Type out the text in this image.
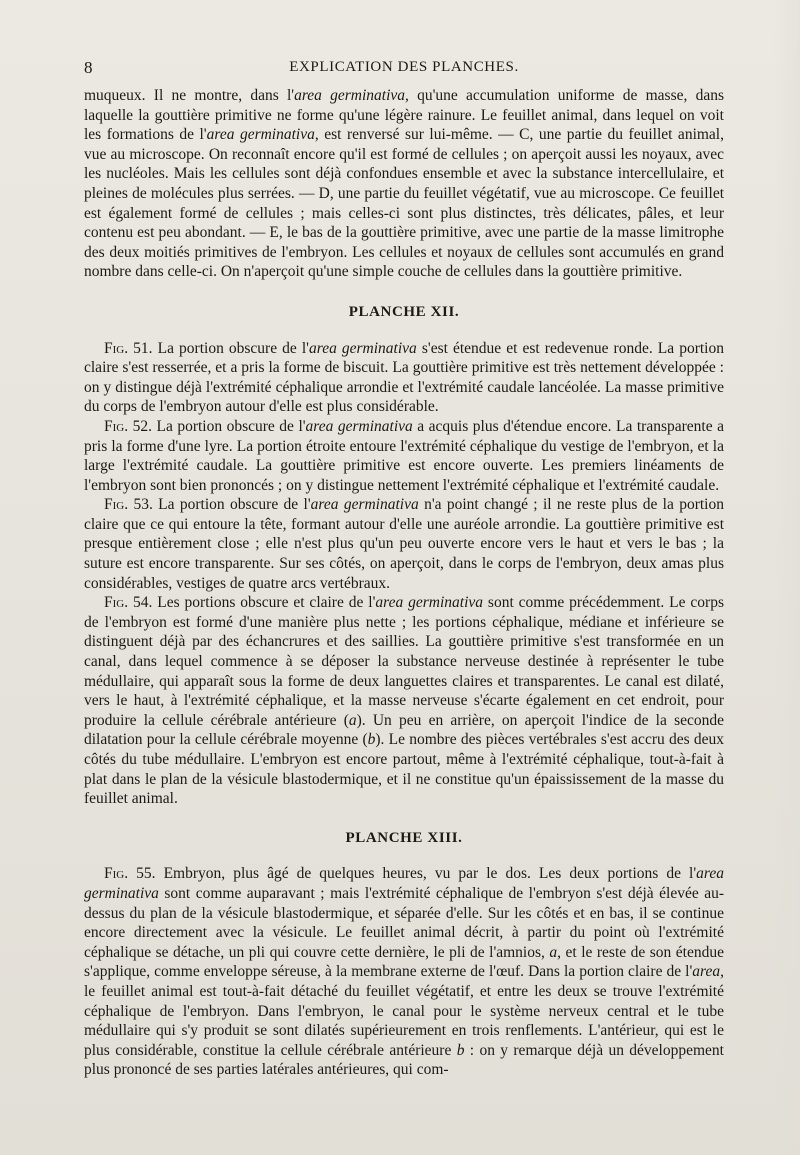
8	EXPLICATION DES PLANCHES.

muqueux. Il ne montre, dans l'area germinativa, qu'une accumulation uniforme de masse, dans laquelle la gouttière primitive ne forme qu'une légère rainure. Le feuillet animal, dans lequel on voit les formations de l'area germinativa, est renversé sur lui-même. — C, une partie du feuillet animal, vue au microscope. On reconnaît encore qu'il est formé de cellules ; on aperçoit aussi les noyaux, avec les nucléoles. Mais les cellules sont déjà confondues ensemble et avec la substance intercellulaire, et pleines de molécules plus serrées. — D, une partie du feuillet végétatif, vue au microscope. Ce feuillet est également formé de cellules ; mais celles-ci sont plus distinctes, très délicates, pâles, et leur contenu est peu abondant. — E, le bas de la gouttière primitive, avec une partie de la masse limitrophe des deux moitiés primitives de l'embryon. Les cellules et noyaux de cellules sont accumulés en grand nombre dans celle-ci. On n'aperçoit qu'une simple couche de cellules dans la gouttière primitive.

PLANCHE XII.

Fig. 51. La portion obscure de l'area germinativa s'est étendue et est redevenue ronde. La portion claire s'est resserrée, et a pris la forme de biscuit. La gouttière primitive est très nettement développée : on y distingue déjà l'extrémité céphalique arrondie et l'extrémité caudale lancéolée. La masse primitive du corps de l'embryon autour d'elle est plus considérable.

Fig. 52. La portion obscure de l'area germinativa a acquis plus d'étendue encore. La transparente a pris la forme d'une lyre. La portion étroite entoure l'extrémité céphalique du vestige de l'embryon, et la large l'extrémité caudale. La gouttière primitive est encore ouverte. Les premiers linéaments de l'embryon sont bien prononcés ; on y distingue nettement l'extrémité céphalique et l'extrémité caudale.

Fig. 53. La portion obscure de l'area germinativa n'a point changé ; il ne reste plus de la portion claire que ce qui entoure la tête, formant autour d'elle une auréole arrondie. La gouttière primitive est presque entièrement close ; elle n'est plus qu'un peu ouverte encore vers le haut et vers le bas ; la suture est encore transparente. Sur ses côtés, on aperçoit, dans le corps de l'embryon, deux amas plus considérables, vestiges de quatre arcs vertébraux.

Fig. 54. Les portions obscure et claire de l'area germinativa sont comme précédemment. Le corps de l'embryon est formé d'une manière plus nette ; les portions céphalique, médiane et inférieure se distinguent déjà par des échancrures et des saillies. La gouttière primitive s'est transformée en un canal, dans lequel commence à se déposer la substance nerveuse destinée à représenter le tube médullaire, qui apparaît sous la forme de deux languettes claires et transparentes. Le canal est dilaté, vers le haut, à l'extrémité céphalique, et la masse nerveuse s'écarte également en cet endroit, pour produire la cellule cérébrale antérieure (a). Un peu en arrière, on aperçoit l'indice de la seconde dilatation pour la cellule cérébrale moyenne (b). Le nombre des pièces vertébrales s'est accru des deux côtés du tube médullaire. L'embryon est encore partout, même à l'extrémité céphalique, tout-à-fait à plat dans le plan de la vésicule blastodermique, et il ne constitue qu'un épaississement de la masse du feuillet animal.

PLANCHE XIII.

Fig. 55. Embryon, plus âgé de quelques heures, vu par le dos. Les deux portions de l'area germinativa sont comme auparavant ; mais l'extrémité céphalique de l'embryon s'est déjà élevée au-dessus du plan de la vésicule blastodermique, et séparée d'elle. Sur les côtés et en bas, il se continue encore directement avec la vésicule. Le feuillet animal décrit, à partir du point où l'extrémité céphalique se détache, un pli qui couvre cette dernière, le pli de l'amnios, a, et le reste de son étendue s'applique, comme enveloppe séreuse, à la membrane externe de l'œuf. Dans la portion claire de l'area, le feuillet animal est tout-à-fait détaché du feuillet végétatif, et entre les deux se trouve l'extrémité céphalique de l'embryon. Dans l'embryon, le canal pour le système nerveux central et le tube médullaire qui s'y produit se sont dilatés supérieurement en trois renflements. L'antérieur, qui est le plus considérable, constitue la cellule cérébrale antérieure b : on y remarque déjà un développement plus prononcé de ses parties latérales antérieures, qui com-
